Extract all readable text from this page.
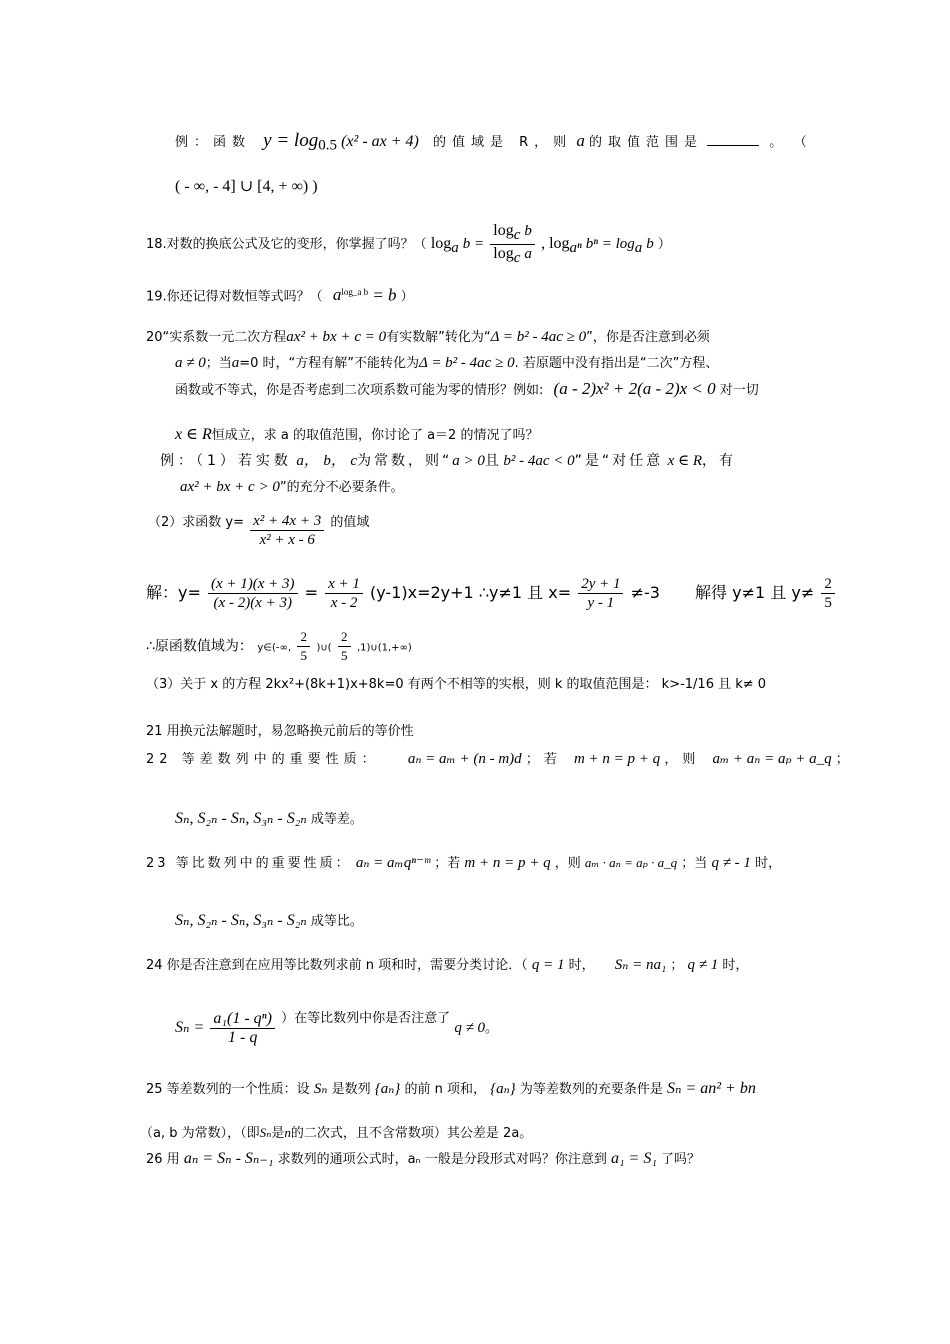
例：函数 $y = \log_{0.5} (x^2$ - ax + 4) 的值域是 R，则 a 的取值范围是	。（
( - ∞, - 4] ∪ [4, + ∞) )
18.对数的换底公式及它的变形，你掌握了吗？（ $\log_a b = \frac{\log_c b}{\log_c a}$ , $\log_{a^n} b^n = \log_a b$ ）
19.你还记得对数恒等式吗？（ $a^{log\_a b} = b$ ）
20“实系数一元二次方程ax² + bx + c = 0有实数解”转化为“Δ = b² - 4ac ≥ 0”，你是否注意到必须
a ≠ 0；当a=0 时，“方程有解”不能转化为Δ = b² - 4ac ≥ 0. 若原题中没有指出是“二次”方程、
函数或不等式，你是否考虑到二次项系数可能为零的情形？例如: (a - 2)x² + 2(a - 2)x < 0 对一切
x ∈ R恒成立，求 a 的取值范围，你讨论了 a＝2 的情况了吗？
例：（1）若实数 a， b， c为常数，则“a > 0且 b² - 4ac < 0”是“对任意 x ∈ R，有
ax² + bx + c > 0”的充分不必要条件。
（2）求函数 $y= \frac{\text{x² + 4x + 3}}{\text{x² + x - 6}}$ 的值域
解：$y= \frac{(x + 1)(x + 3)}{(x - 2)(x + 3)} = \frac{x + 1}{x - 2} (y-1)x=2y+1$ ∴y≠1 且 $x= \frac{2y + 1}{y - 1} \ne-3$ 解得 y≠1 且 $y\ne \frac{2}{5}$
∴原函数值域为： y∈(-∞, $\frac{2}{5}$ )∪( $\frac{2}{5}$ ,1)∪(1,+∞)
（3）关于 x 的方程 2kx²+(8k+1)x+8k=0 有两个不相等的实根，则 k 的取值范围是： k>-1/16 且 k≠ 0
21 用换元法解题时，易忽略换元前后的等价性
22 等差数列中的重要性质： aₙ = aₘ + (n - m)d ；若 m + n = p + q ，则 aₘ + aₙ = aₚ + a_q ；
Sₙ, S₂ₙ - Sₙ, S₃ₙ - S₂ₙ 成等差。
23 等比数列中的重要性质： aₙ = aₘqⁿ⁻ᵐ ；若 m + n = p + q ，则 aₘ · aₙ = aₚ · a_q ；当 q ≠ - 1 时，
Sₙ, S₂ₙ - Sₙ, S₃ₙ - S₂ₙ 成等比。
24 你是否注意到在应用等比数列求前 n 项和时，需要分类讨论．（ q = 1 时， Sₙ = na₁ ； q ≠ 1 时，
$S_n = \frac{\text{a₁(1 - qⁿ)}}{1 - q}$ ）在等比数列中你是否注意了 q ≠ 0。
25 等差数列的一个性质：设 Sₙ 是数列 {aₙ} 的前 n 项和， {aₙ} 为等差数列的充要条件是 Sₙ = an² + bn
（a, b 为常数），（即Sₙ是n的二次式，且不含常数项）其公差是 2a。
26 用 aₙ = Sₙ - Sₙ₋₁ 求数列的通项公式时，aₙ 一般是分段形式对吗？你注意到 a₁ = S₁ 了吗？
